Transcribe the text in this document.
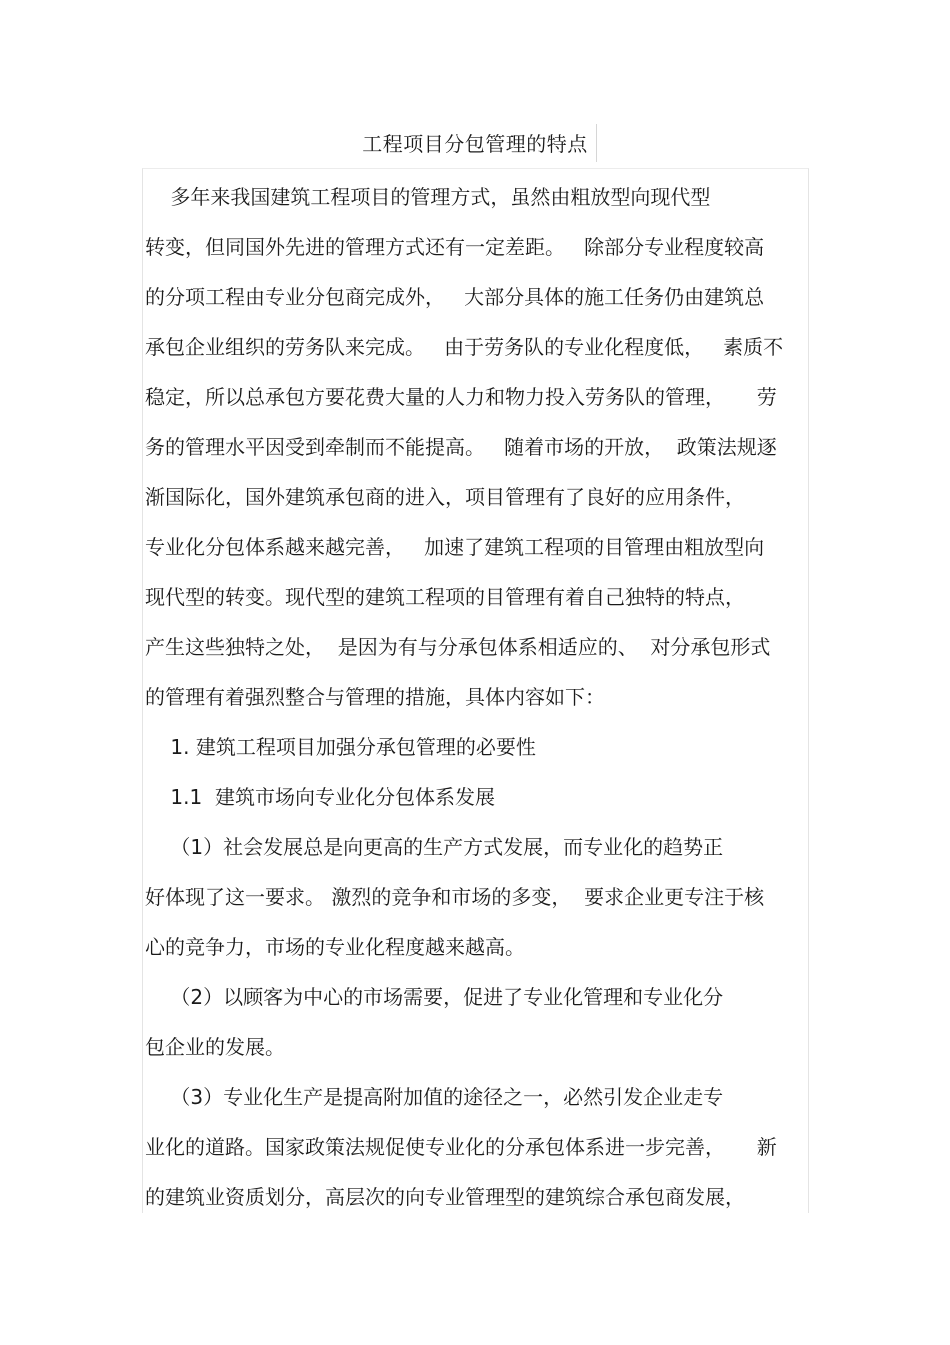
工程项目分包管理的特点
多年来我国建筑工程项目的管理方式，虽然由粗放型向现代型
转变，但同国外先进的管理方式还有一定差距。   除部分专业程度较高
的分项工程由专业分包商完成外，   大部分具体的施工任务仍由建筑总
承包企业组织的劳务队来完成。   由于劳务队的专业化程度低，   素质不
稳定，所以总承包方要花费大量的人力和物力投入劳务队的管理，     劳
务的管理水平因受到牵制而不能提高。   随着市场的开放，  政策法规逐
渐国际化，国外建筑承包商的进入，项目管理有了良好的应用条件，
专业化分包体系越来越完善，   加速了建筑工程项的目管理由粗放型向
现代型的转变。现代型的建筑工程项的目管理有着自己独特的特点，
产生这些独特之处，  是因为有与分承包体系相适应的、  对分承包形式
的管理有着强烈整合与管理的措施，具体内容如下：
1. 建筑工程项目加强分承包管理的必要性
1.1  建筑市场向专业化分包体系发展
（1）社会发展总是向更高的生产方式发展，而专业化的趋势正
好体现了这一要求。 激烈的竞争和市场的多变，  要求企业更专注于核
心的竞争力，市场的专业化程度越来越高。
（2）以顾客为中心的市场需要，促进了专业化管理和专业化分
包企业的发展。
（3）专业化生产是提高附加值的途径之一，必然引发企业走专
业化的道路。国家政策法规促使专业化的分承包体系进一步完善，     新
的建筑业资质划分，高层次的向专业管理型的建筑综合承包商发展，
